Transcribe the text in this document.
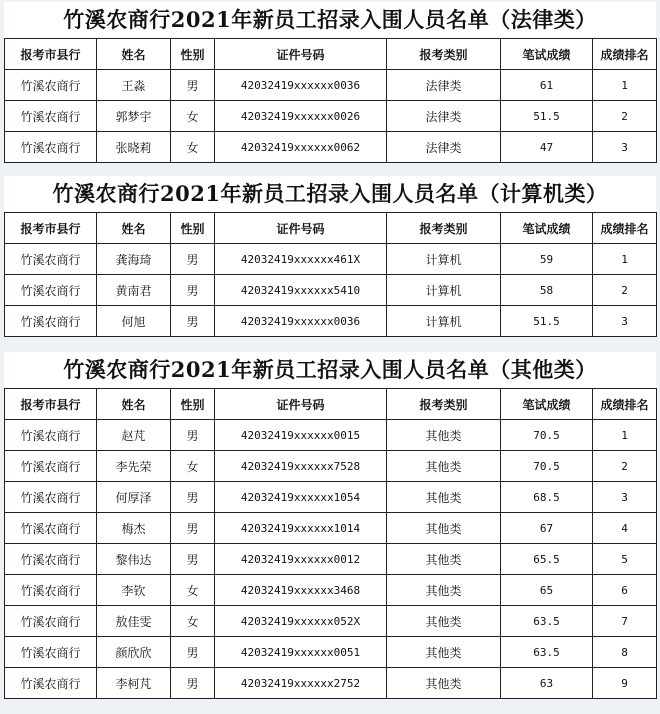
竹溪农商行2021年新员工招录入围人员名单（法律类）
报考市县行	姓名	性别	证件号码	报考类别	笔试成绩	成绩排名
竹溪农商行	王淼	男	42032419xxxxxx0036	法律类	61	1
竹溪农商行	郭梦宇	女	42032419xxxxxx0026	法律类	51.5	2
竹溪农商行	张晓莉	女	42032419xxxxxx0062	法律类	47	3
竹溪农商行2021年新员工招录入围人员名单（计算机类）
报考市县行	姓名	性别	证件号码	报考类别	笔试成绩	成绩排名
竹溪农商行	龚海琦	男	42032419xxxxxx461X	计算机	59	1
竹溪农商行	黄南君	男	42032419xxxxxx5410	计算机	58	2
竹溪农商行	何旭	男	42032419xxxxxx0036	计算机	51.5	3
竹溪农商行2021年新员工招录入围人员名单（其他类）
报考市县行	姓名	性别	证件号码	报考类别	笔试成绩	成绩排名
竹溪农商行	赵芃	男	42032419xxxxxx0015	其他类	70.5	1
竹溪农商行	李先荣	女	42032419xxxxxx7528	其他类	70.5	2
竹溪农商行	何厚泽	男	42032419xxxxxx1054	其他类	68.5	3
竹溪农商行	梅杰	男	42032419xxxxxx1014	其他类	67	4
竹溪农商行	黎伟达	男	42032419xxxxxx0012	其他类	65.5	5
竹溪农商行	李钦	女	42032419xxxxxx3468	其他类	65	6
竹溪农商行	敖佳雯	女	42032419xxxxxx052X	其他类	63.5	7
竹溪农商行	颜欣欣	男	42032419xxxxxx0051	其他类	63.5	8
竹溪农商行	李柯芃	男	42032419xxxxxx2752	其他类	63	9
